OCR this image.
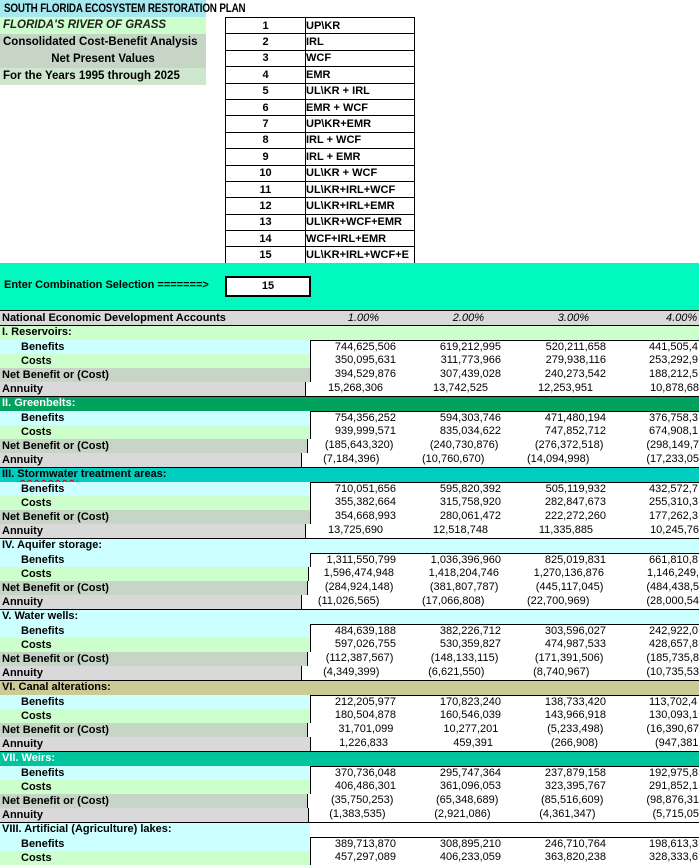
SOUTH FLORIDA ECOSYSTEM RESTORATION PLAN
FLORIDA'S RIVER OF GRASS
Consolidated Cost-Benefit Analysis
Net Present Values
For the Years 1995 through 2025
1	UP\KR
2	IRL
3	WCF
4	EMR
5	UL\KR + IRL
6	EMR + WCF
7	UP\KR+EMR
8	IRL + WCF
9	IRL + EMR
10	UL\KR + WCF
11	UL\KR+IRL+WCF
12	UL\KR+IRL+EMR
13	UL\KR+WCF+EMR
14	WCF+IRL+EMR
15	UL\KR+IRL+WCF+E
Enter Combination Selection =======>	15
National Economic Development Accounts	1.00%	2.00%	3.00%	4.00%
I. Reservoirs:
Benefits	744,625,506	619,212,995	520,211,658	441,505,4
Costs	350,095,631	311,773,966	279,938,116	253,292,9
Net Benefit or (Cost)	394,529,876	307,439,028	240,273,542	188,212,5
Annuity	15,268,306	13,742,525	12,253,951	10,878,68
II. Greenbelts:
Benefits	754,356,252	594,303,746	471,480,194	376,758,3
Costs	939,999,571	835,034,622	747,852,712	674,908,1
Net Benefit or (Cost)	(185,643,320)	(240,730,876)	(276,372,518)	(298,149,7
Annuity	(7,184,396)	(10,760,670)	(14,094,998)	(17,233,05
III. Stormwater treatment areas:
Benefits	710,051,656	595,820,392	505,119,932	432,572,7
Costs	355,382,664	315,758,920	282,847,673	255,310,3
Net Benefit or (Cost)	354,668,993	280,061,472	222,272,260	177,262,3
Annuity	13,725,690	12,518,748	11,335,885	10,245,76
IV. Aquifer storage:
Benefits	1,311,550,799	1,036,396,960	825,019,831	661,810,8
Costs	1,596,474,948	1,418,204,746	1,270,136,876	1,146,249,
Net Benefit or (Cost)	(284,924,148)	(381,807,787)	(445,117,045)	(484,438,5
Annuity	(11,026,565)	(17,066,808)	(22,700,969)	(28,000,54
V. Water wells:
Benefits	484,639,188	382,226,712	303,596,027	242,922,0
Costs	597,026,755	530,359,827	474,987,533	428,657,8
Net Benefit or (Cost)	(112,387,567)	(148,133,115)	(171,391,506)	(185,735,8
Annuity	(4,349,399)	(6,621,550)	(8,740,967)	(10,735,53
VI. Canal alterations:
Benefits	212,205,977	170,823,240	138,733,420	113,702,4
Costs	180,504,878	160,546,039	143,966,918	130,093,1
Net Benefit or (Cost)	31,701,099	10,277,201	(5,233,498)	(16,390,67
Annuity	1,226,833	459,391	(266,908)	(947,381
VII. Weirs:
Benefits	370,736,048	295,747,364	237,879,158	192,975,8
Costs	406,486,301	361,096,053	323,395,767	291,852,1
Net Benefit or (Cost)	(35,750,253)	(65,348,689)	(85,516,609)	(98,876,31
Annuity	(1,383,535)	(2,921,086)	(4,361,347)	(5,715,05
VIII. Artificial (Agriculture) lakes:
Benefits	389,713,870	308,895,210	246,710,764	198,613,3
Costs	457,297,089	406,233,059	363,820,238	328,333,6
